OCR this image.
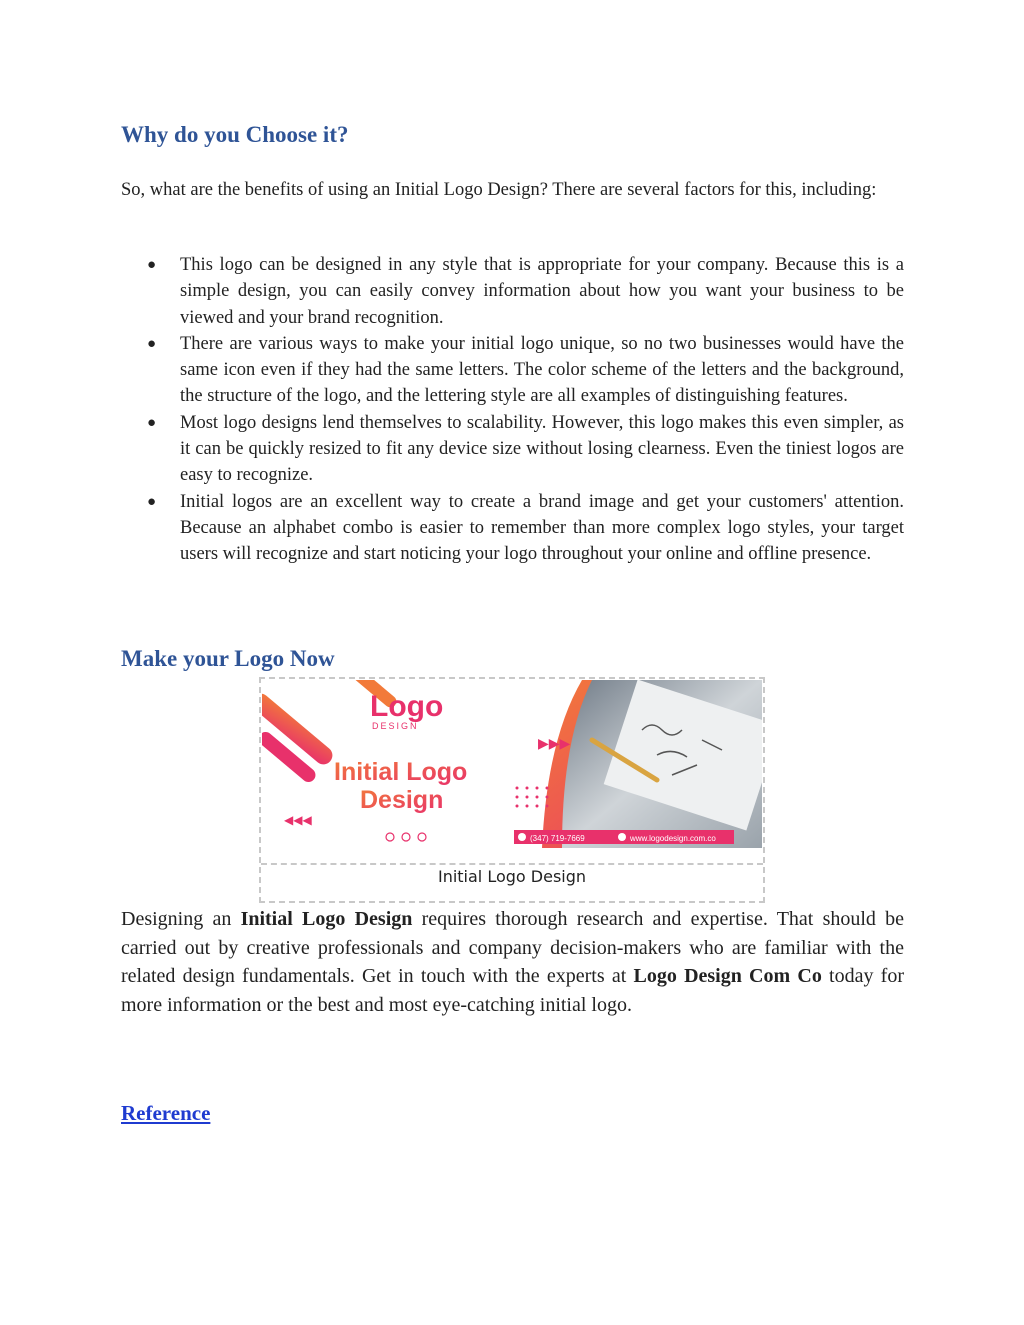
Why do you Choose it?

So, what are the benefits of using an Initial Logo Design? There are several factors for this, including:

● This logo can be designed in any style that is appropriate for your company. Because this is a simple design, you can easily convey information about how you want your business to be viewed and your brand recognition.
● There are various ways to make your initial logo unique, so no two businesses would have the same icon even if they had the same letters. The color scheme of the letters and the background, the structure of the logo, and the lettering style are all examples of distinguishing features.
● Most logo designs lend themselves to scalability. However, this logo makes this even simpler, as it can be quickly resized to fit any device size without losing clearness. Even the tiniest logos are easy to recognize.
● Initial logos are an excellent way to create a brand image and get your customers' attention. Because an alphabet combo is easier to remember than more complex logo styles, your target users will recognize and start noticing your logo throughout your online and offline presence.
Make your Logo Now
Logo
DESIGN
Initial Logo
Design
▶▶▶
◀◀◀
(347) 719-7669	www.logodesign.com.co
Initial Logo Design

Designing an Initial Logo Design requires thorough research and expertise. That should be carried out by creative professionals and company decision-makers who are familiar with the related design fundamentals. Get in touch with the experts at Logo Design Com Co today for more information or the best and most eye-catching initial logo.

Reference
